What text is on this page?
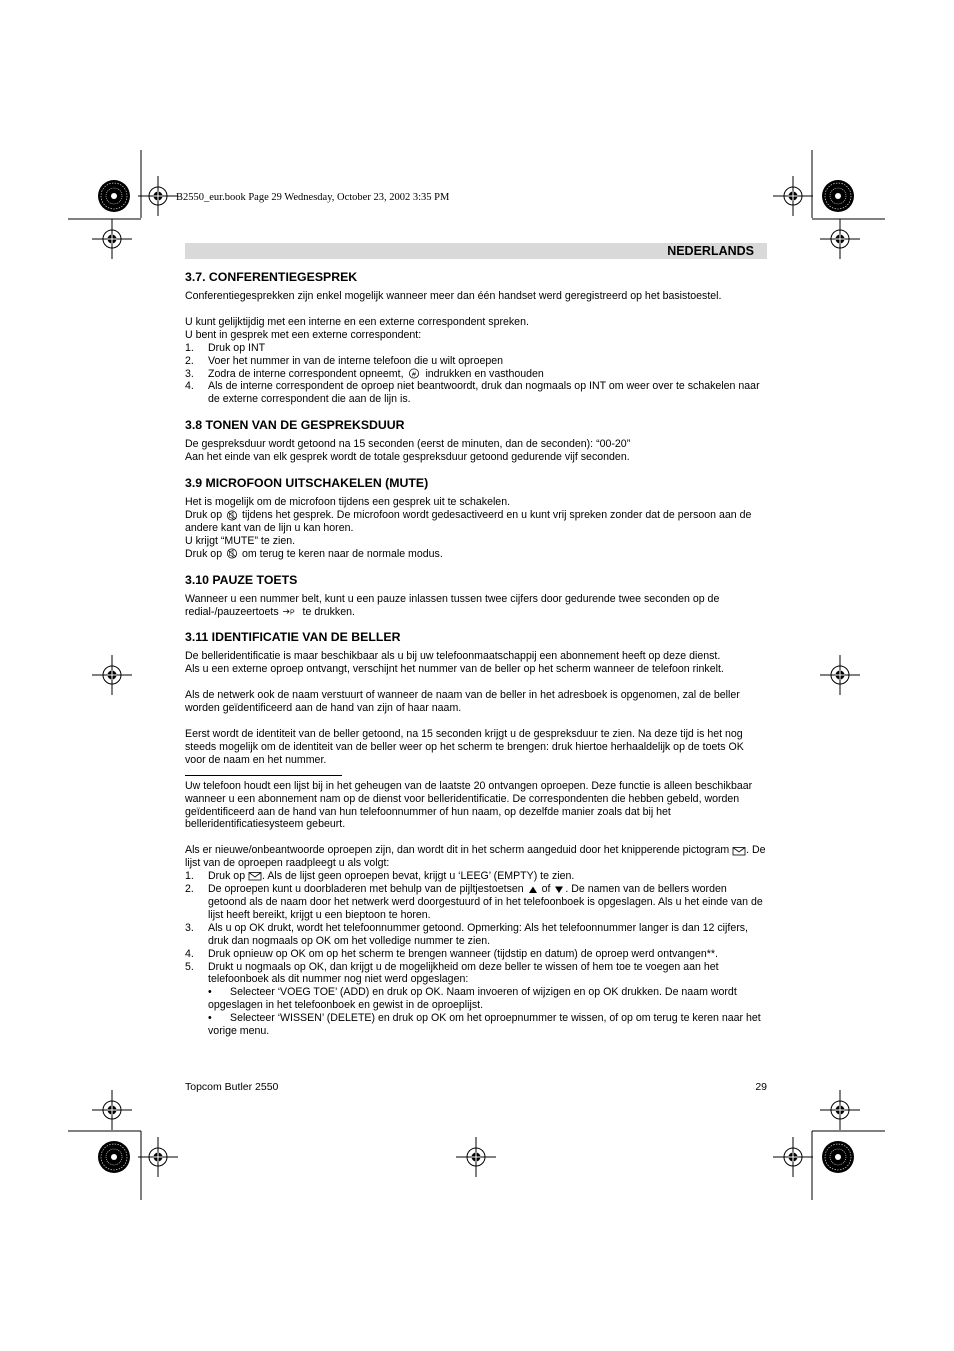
B2550_eur.book Page 29 Wednesday, October 23, 2002 3:35 PM
NEDERLANDS
3.7. CONFERENTIEGESPREK

Conferentiegesprekken zijn enkel mogelijk wanneer meer dan één handset werd geregistreerd op het basistoestel.

U kunt gelijktijdig met een interne en een externe correspondent spreken.

U bent in gesprek met een externe correspondent:

1. Druk op INT
2. Voer het nummer in van de interne telefoon die u wilt oproepen
3. Zodra de interne correspondent opneemt, # indrukken en vasthouden
4. Als de interne correspondent de oproep niet beantwoordt, druk dan nogmaals op INT om weer over te schakelen naar de externe correspondent die aan de lijn is.
3.8 TONEN VAN DE GESPREKSDUUR

De gespreksduur wordt getoond na 15 seconden (eerst de minuten, dan de seconden): “00-20”

Aan het einde van elk gesprek wordt de totale gespreksduur getoond gedurende vijf seconden.

3.9 MICROFOON UITSCHAKELEN (MUTE)

Het is mogelijk om de microfoon tijdens een gesprek uit te schakelen.

Druk op tijdens het gesprek. De microfoon wordt gedesactiveerd en u kunt vrij spreken zonder dat de persoon aan de andere kant van de lijn u kan horen.

U krijgt “MUTE” te zien.

Druk op om terug te keren naar de normale modus.

3.10 PAUZE TOETS

Wanneer u een nummer belt, kunt u een pauze inlassen tussen twee cijfers door gedurende twee seconden op de redial-/pauzeertoets P te drukken.

3.11 IDENTIFICATIE VAN DE BELLER

De belleridentificatie is maar beschikbaar als u bij uw telefoonmaatschappij een abonnement heeft op deze dienst.

Als u een externe oproep ontvangt, verschijnt het nummer van de beller op het scherm wanneer de telefoon rinkelt.

Als de netwerk ook de naam verstuurt of wanneer de naam van de beller in het adresboek is opgenomen, zal de beller worden geïdentificeerd aan de hand van zijn of haar naam.

Eerst wordt de identiteit van de beller getoond, na 15 seconden krijgt u de gespreksduur te zien. Na deze tijd is het nog steeds mogelijk om de identiteit van de beller weer op het scherm te brengen: druk hiertoe herhaaldelijk op de toets OK voor de naam en het nummer.

Uw telefoon houdt een lijst bij in het geheugen van de laatste 20 ontvangen oproepen. Deze functie is alleen beschikbaar wanneer u een abonnement nam op de dienst voor belleridentificatie. De correspondenten die hebben gebeld, worden geïdentificeerd aan de hand van hun telefoonnummer of hun naam, op dezelfde manier zoals dat bij het belleridentificatiesysteem gebeurt.

Als er nieuwe/onbeantwoorde oproepen zijn, dan wordt dit in het scherm aangeduid door het knipperende pictogram . De lijst van de oproepen raadpleegt u als volgt:

1. Druk op . Als de lijst geen oproepen bevat, krijgt u ‘LEEG’ (EMPTY) te zien.
2. De oproepen kunt u doorbladeren met behulp van de pijltjestoetsen of . De namen van de bellers worden getoond als de naam door het netwerk werd doorgestuurd of in het telefoonboek is opgeslagen. Als u het einde van de lijst heeft bereikt, krijgt u een bieptoon te horen.
3. Als u op OK drukt, wordt het telefoonnummer getoond. Opmerking: Als het telefoonnummer langer is dan 12 cijfers, druk dan nogmaals op OK om het volledige nummer te zien.
4. Druk opnieuw op OK om op het scherm te brengen wanneer (tijdstip en datum) de oproep werd ontvangen**.
5. Drukt u nogmaals op OK, dan krijgt u de mogelijkheid om deze beller te wissen of hem toe te voegen aan het telefoonboek als dit nummer nog niet werd opgeslagen:
• Selecteer ‘VOEG TOE’ (ADD) en druk op OK. Naam invoeren of wijzigen en op OK drukken. De naam wordt opgeslagen in het telefoonboek en gewist in de oproeplijst.
• Selecteer ‘WISSEN’ (DELETE) en druk op OK om het oproepnummer te wissen, of op om terug te keren naar het vorige menu.
Topcom Butler 2550	29
